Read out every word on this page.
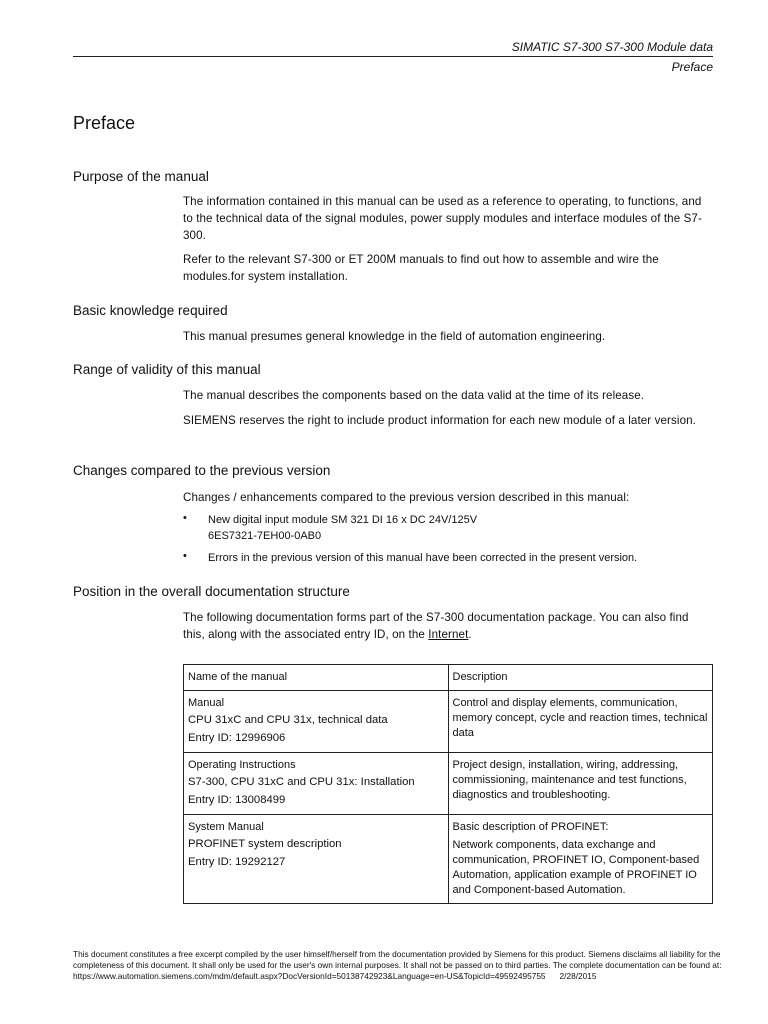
SIMATIC S7-300 S7-300 Module data
Preface
Preface
Purpose of the manual

The information contained in this manual can be used as a reference to operating, to functions, and to the technical data of the signal modules, power supply modules and interface modules of the S7-300.

Refer to the relevant S7-300 or ET 200M manuals to find out how to assemble and wire the modules.for system installation.

Basic knowledge required

This manual presumes general knowledge in the field of automation engineering.

Range of validity of this manual

The manual describes the components based on the data valid at the time of its release.

SIEMENS reserves the right to include product information for each new module of a later version.

Changes compared to the previous version

Changes / enhancements compared to the previous version described in this manual:

• New digital input module SM 321 DI 16 x DC 24V/125V
6ES7321-7EH00-0AB0
• Errors in the previous version of this manual have been corrected in the present version.
Position in the overall documentation structure

The following documentation forms part of the S7-300 documentation package. You can also find this, along with the associated entry ID, on the Internet.

Name of the manual	Description

Manual
CPU 31xC and CPU 31x, technical data
Entry ID: 12996906	Control and display elements, communication, memory concept, cycle and reaction times, technical data

Operating Instructions
S7-300, CPU 31xC and CPU 31x: Installation
Entry ID: 13008499	Project design, installation, wiring, addressing, commissioning, maintenance and test functions, diagnostics and troubleshooting.

System Manual
PROFINET system description
Entry ID: 19292127	Basic description of PROFINET:
Network components, data exchange and communication, PROFINET IO, Component-based Automation, application example of PROFINET IO and Component-based Automation.
This document constitutes a free excerpt compiled by the user himself/herself from the documentation provided by Siemens for this product. Siemens disclaims all liability for the completeness of this document. It shall only be used for the user's own internal purposes. It shall not be passed on to third parties. The complete documentation can be found at:
https://www.automation.siemens.com/mdm/default.aspx?DocVersionId=50138742923&Language=en-US&TopicId=49592495755 2/28/2015
